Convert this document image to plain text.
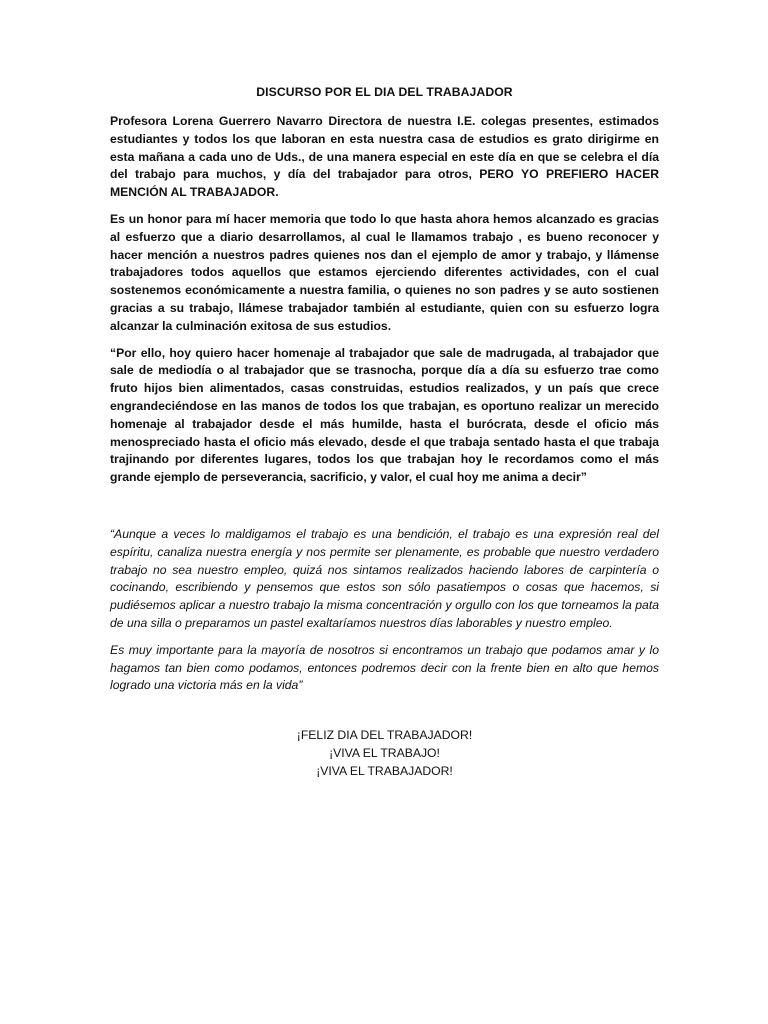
DISCURSO POR EL DIA DEL TRABAJADOR

Profesora Lorena Guerrero Navarro Directora de nuestra I.E. colegas presentes, estimados estudiantes y todos los que laboran en esta nuestra casa de estudios es grato dirigirme en esta mañana a cada uno de Uds., de una manera especial en este día en que se celebra el día del trabajo para muchos, y día del trabajador para otros, PERO YO PREFIERO HACER MENCIÓN AL TRABAJADOR.

Es un honor para mí hacer memoria que todo lo que hasta ahora hemos alcanzado es gracias al esfuerzo que a diario desarrollamos, al cual le llamamos trabajo , es bueno reconocer y hacer mención a nuestros padres quienes nos dan el ejemplo de amor y trabajo, y llámense trabajadores todos aquellos que estamos ejerciendo diferentes actividades, con el cual sostenemos económicamente a nuestra familia, o quienes no son padres y se auto sostienen gracias a su trabajo, llámese trabajador también al estudiante, quien con su esfuerzo logra alcanzar la culminación exitosa de sus estudios.

“Por ello, hoy quiero hacer homenaje al trabajador que sale de madrugada, al trabajador que sale de mediodía o al trabajador que se trasnocha, porque día a día su esfuerzo trae como fruto hijos bien alimentados, casas construidas, estudios realizados, y un país que crece engrandeciéndose en las manos de todos los que trabajan, es oportuno realizar un merecido homenaje al trabajador desde el más humilde, hasta el burócrata, desde el oficio más menospreciado hasta el oficio más elevado, desde el que trabaja sentado hasta el que trabaja trajinando por diferentes lugares, todos los que trabajan hoy le recordamos como el más grande ejemplo de perseverancia, sacrificio, y valor, el cual hoy me anima a decir”

“Aunque a veces lo maldigamos el trabajo es una bendición, el trabajo es una expresión real del espíritu, canaliza nuestra energía y nos permite ser plenamente, es probable que nuestro verdadero trabajo no sea nuestro empleo, quizá nos sintamos realizados haciendo labores de carpintería o cocinando, escribiendo y pensemos que estos son sólo pasatiempos o cosas que hacemos, si pudiésemos aplicar a nuestro trabajo la misma concentración y orgullo con los que torneamos la pata de una silla o preparamos un pastel exaltaríamos nuestros días laborables y nuestro empleo.

Es muy importante para la mayoría de nosotros si encontramos un trabajo que podamos amar y lo hagamos tan bien como podamos, entonces podremos decir con la frente bien en alto que hemos logrado una victoria más en la vida”

¡FELIZ DIA DEL TRABAJADOR!

¡VIVA EL TRABAJO!

¡VIVA EL TRABAJADOR!
